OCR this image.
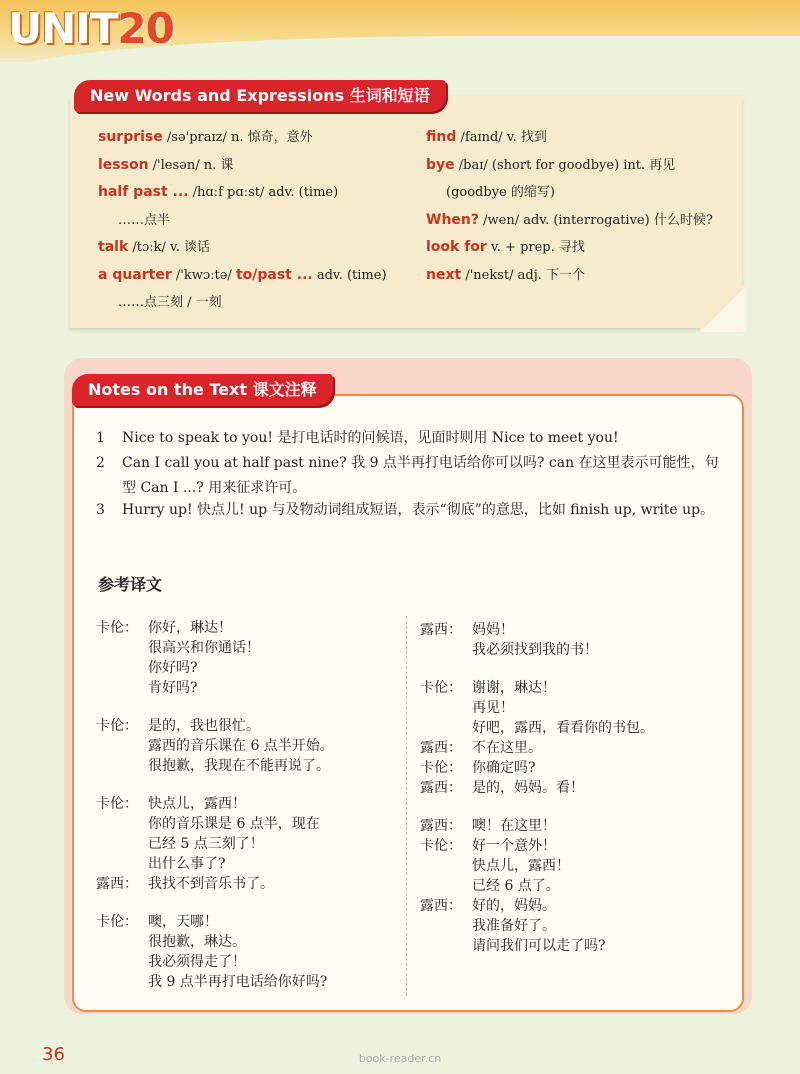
UNIT20
New Words and Expressions 生词和短语
surprise /sə'praɪz/ n. 惊奇，意外
lesson /'lesən/ n. 课
half past ... /hɑːf pɑːst/ adv. (time)
……点半
talk /tɔːk/ v. 谈话
a quarter /'kwɔːtə/ to/past ... adv. (time)
……点三刻 / 一刻
find /faɪnd/ v. 找到
bye /baɪ/ (short for goodbye) int. 再见
(goodbye 的缩写)
When? /wen/ adv. (interrogative) 什么时候?
look for v. + prep. 寻找
next /'nekst/ adj. 下一个
Notes on the Text 课文注释
1 Nice to speak to you! 是打电话时的问候语，见面时则用 Nice to meet you!
2 Can I call you at half past nine? 我 9 点半再打电话给你可以吗? can 在这里表示可能性，句型 Can I ...? 用来征求许可。
3 Hurry up! 快点儿! up 与及物动词组成短语，表示“彻底”的意思，比如 finish up, write up。
参考译文
卡伦： 你好，琳达！
很高兴和你通话！
你好吗?
肯好吗?
卡伦： 是的，我也很忙。
露西的音乐课在 6 点半开始。
很抱歉，我现在不能再说了。
卡伦： 快点儿，露西！
你的音乐课是 6 点半，现在
已经 5 点三刻了！
出什么事了?
露西： 我找不到音乐书了。
卡伦： 噢，天哪！
很抱歉，琳达。
我必须得走了！
我 9 点半再打电话给你好吗?
露西： 妈妈！
我必须找到我的书！
卡伦： 谢谢，琳达！
再见！
好吧，露西，看看你的书包。
露西： 不在这里。
卡伦： 你确定吗?
露西： 是的，妈妈。看！
露西： 噢！在这里！
卡伦： 好一个意外！
快点儿，露西！
已经 6 点了。
露西： 好的，妈妈。
我准备好了。
请问我们可以走了吗?
36	book-reader.cn
